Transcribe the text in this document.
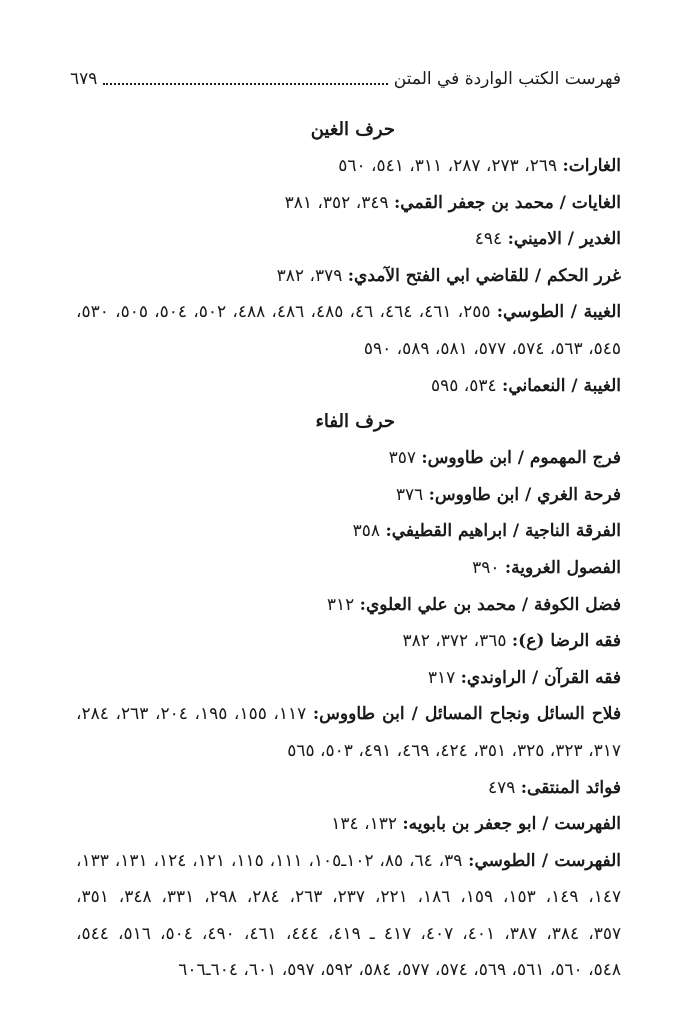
فهرست الكتب الواردة في المتن
٦٧٩
حرف الغين
الغارات: ٢٦٩، ٢٧٣، ٢٨٧، ٣١١، ٥٤١، ٥٦٠
الغايات / محمد بن جعفر القمي: ٣٤٩، ٣٥٢، ٣٨١
الغدير / الاميني: ٤٩٤
غرر الحكم / للقاضي ابي الفتح الآمدي: ٣٧٩، ٣٨٢
الغيبة / الطوسي: ٢٥٥، ٤٦١، ٤٦٤، ٤٦، ٤٨٥، ٤٨٦، ٤٨٨، ٥٠٢، ٥٠٤، ٥٠٥، ٥٣٠،
٥٤٥، ٥٦٣، ٥٧٤، ٥٧٧، ٥٨١، ٥٨٩، ٥٩٠
الغيبة / النعماني: ٥٣٤، ٥٩٥
حرف الفاء
فرج المهموم / ابن طاووس: ٣٥٧
فرحة الغري / ابن طاووس: ٣٧٦
الفرقة الناجية / ابراهيم القطيفي: ٣٥٨
الفصول الغروية: ٣٩٠
فضل الكوفة / محمد بن علي العلوي: ٣١٢
فقه الرضا (ع): ٣٦٥، ٣٧٢، ٣٨٢
فقه القرآن / الراوندي: ٣١٧
فلاح السائل ونجاح المسائل / ابن طاووس: ١١٧، ١٥٥، ١٩٥، ٢٠٤، ٢٦٣، ٢٨٤،
٣١٧، ٣٢٣، ٣٢٥، ٣٥١، ٤٢٤، ٤٦٩، ٤٩١، ٥٠٣، ٥٦٥
فوائد المنتقى: ٤٧٩
الفهرست / ابو جعفر بن بابويه: ١٣٢، ١٣٤
الفهرست / الطوسي: ٣٩، ٦٤، ٨٥، ١٠٢ـ١٠٥، ١١١، ١١٥، ١٢١، ١٢٤، ١٣١، ١٣٣،
١٤٧، ١٤٩، ١٥٣، ١٥٩، ١٨٦، ٢٢١، ٢٣٧، ٢٦٣، ٢٨٤، ٢٩٨، ٣٣١، ٣٤٨، ٣٥١،
٣٥٧، ٣٨٤، ٣٨٧، ٤٠١، ٤٠٧، ٤١٧ ـ ٤١٩، ٤٤٤، ٤٦١، ٤٩٠، ٥٠٤، ٥١٦، ٥٤٤،
٥٤٨، ٥٦٠، ٥٦١، ٥٦٩، ٥٧٤، ٥٧٧، ٥٨٤، ٥٩٢، ٥٩٧، ٦٠١، ٦٠٤ـ٦٠٦
